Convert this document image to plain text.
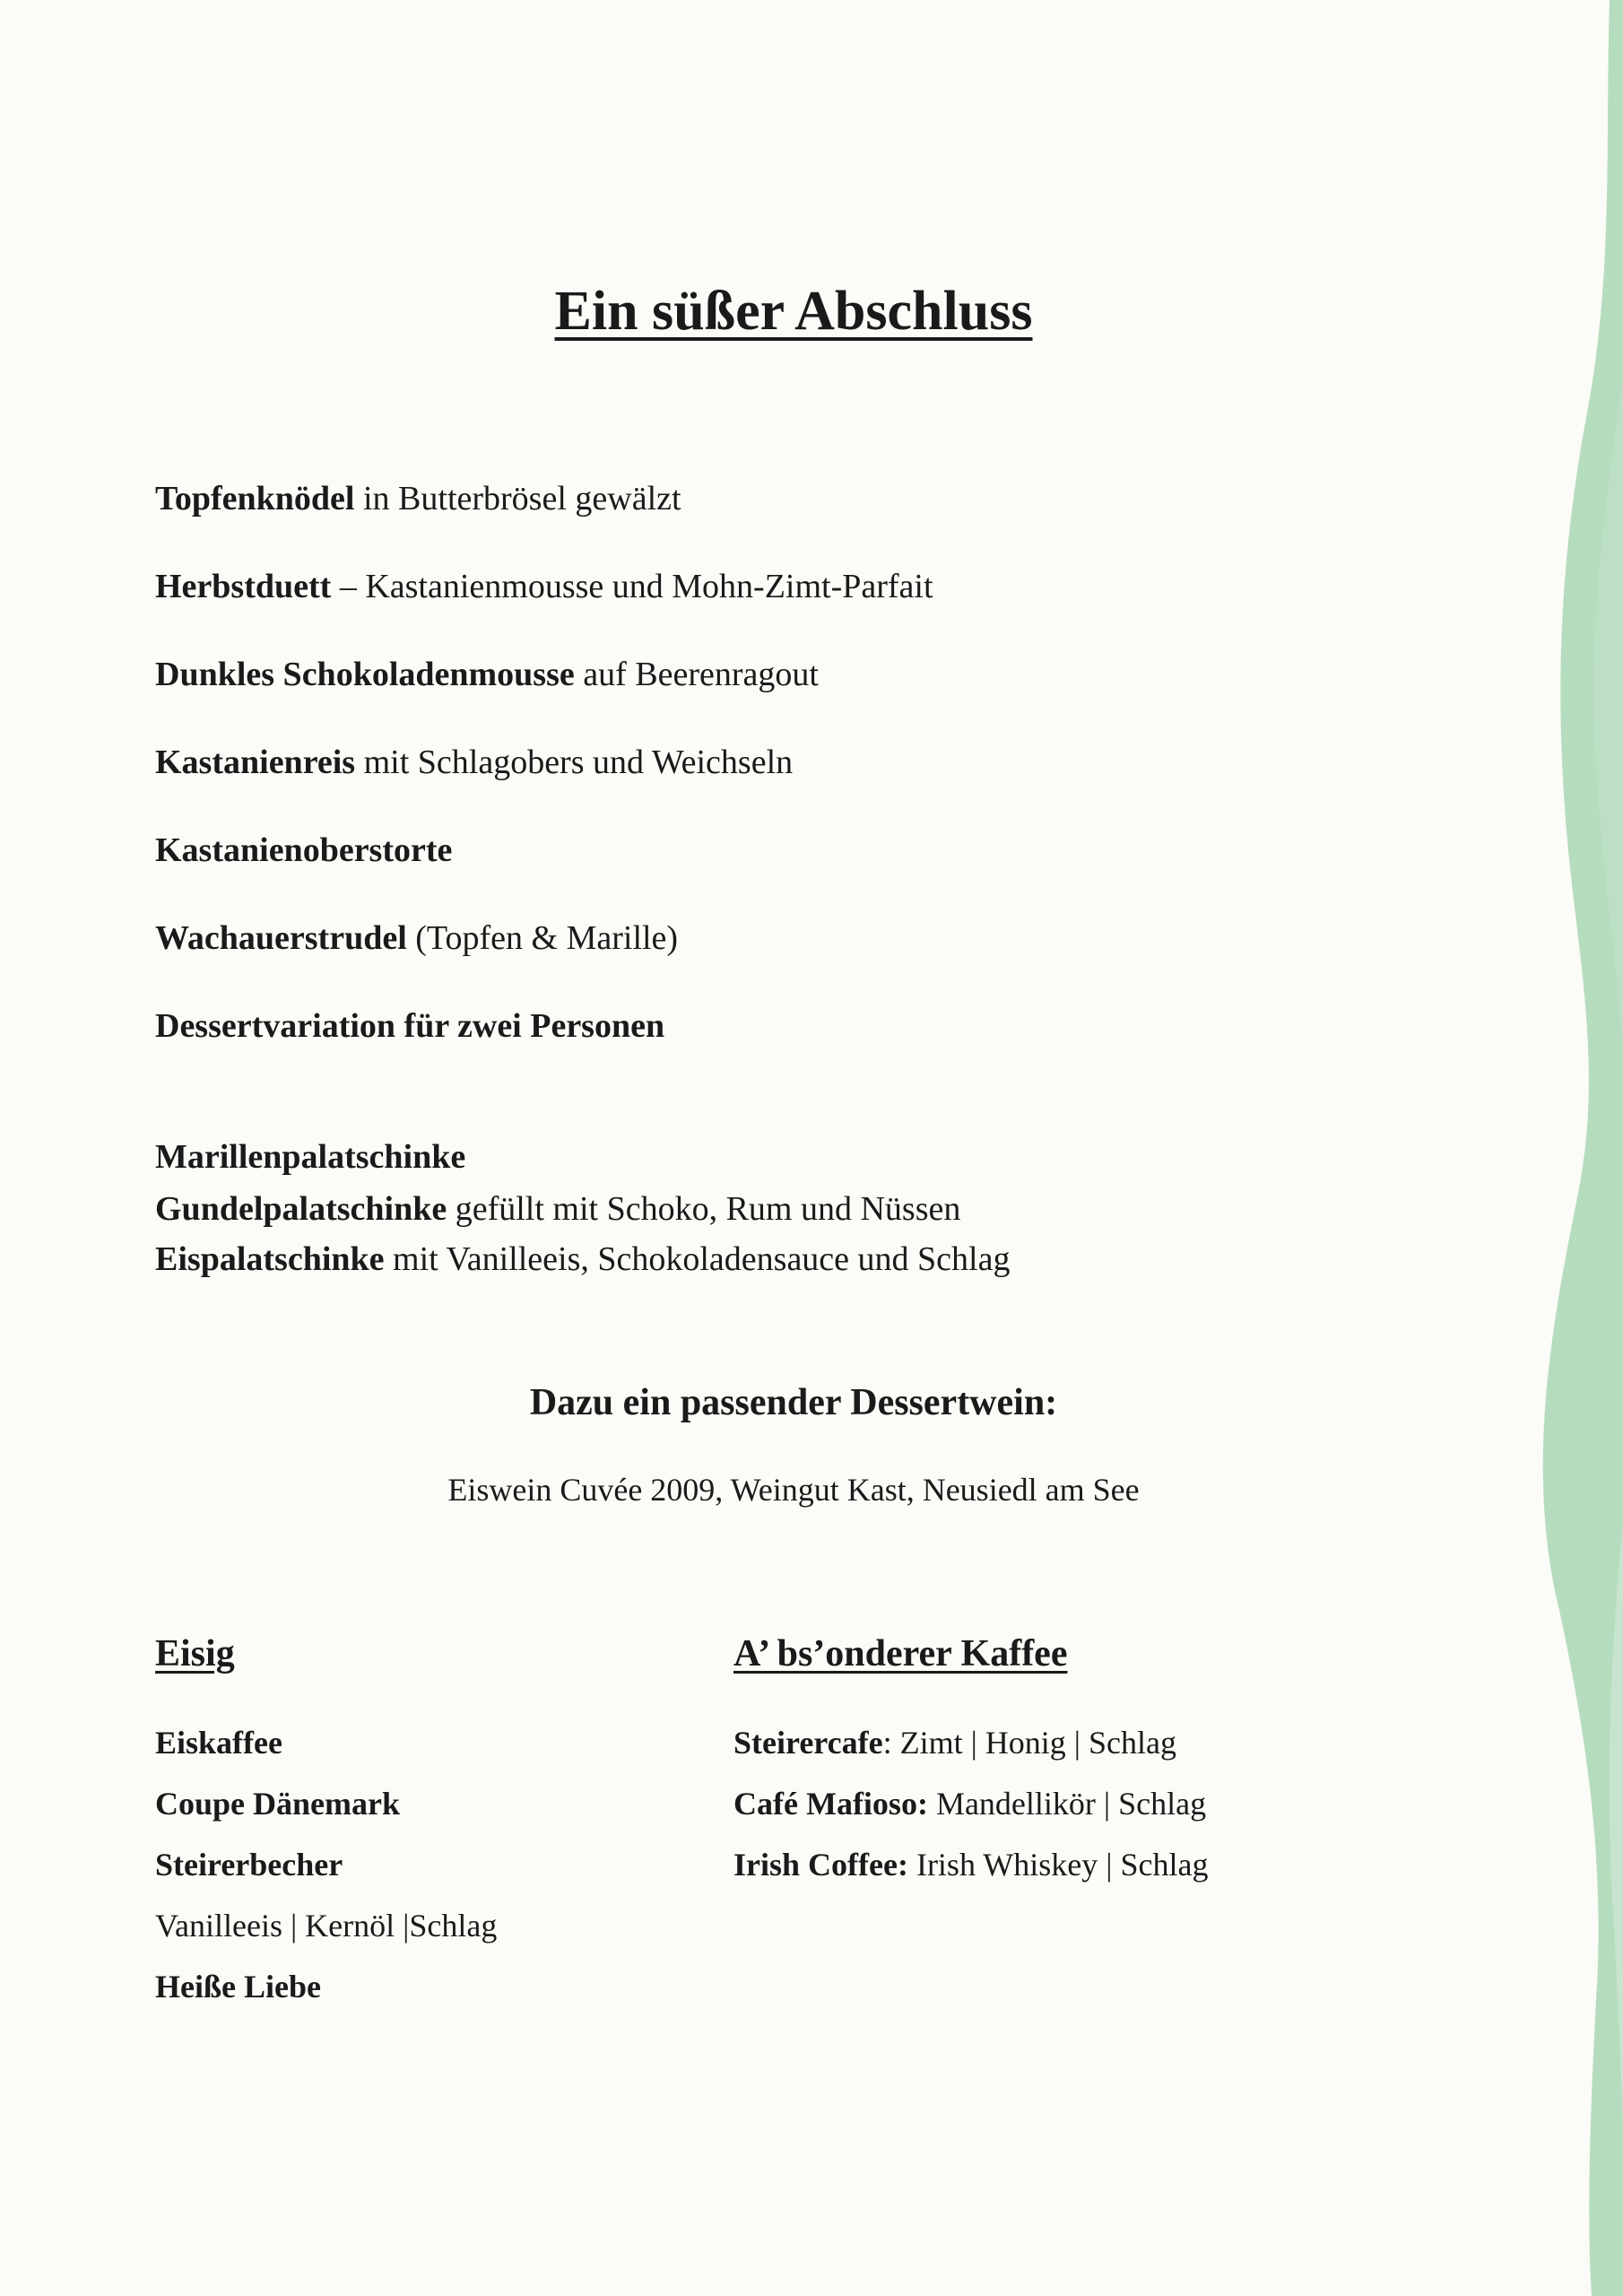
Ein süßer Abschluss
Topfenknödel in Butterbrösel gewälzt
Herbstduett – Kastanienmousse und Mohn-Zimt-Parfait
Dunkles Schokoladenmousse auf Beerenragout
Kastanienreis mit Schlagobers und Weichseln
Kastanienoberstorte
Wachauerstrudel (Topfen & Marille)
Dessertvariation für zwei Personen
Marillenpalatschinke
Gundelpalatschinke gefüllt mit Schoko, Rum und Nüssen
Eispalatschinke mit Vanilleeis, Schokoladensauce und Schlag
Dazu ein passender Dessertwein:
Eiswein Cuvée 2009, Weingut Kast, Neusiedl am See
Eisig	A’ bs’onderer Kaffee
Eiskaffee
Coupe Dänemark
Steirerbecher
Vanilleeis | Kernöl |Schlag
Heiße Liebe
Steirercafe: Zimt | Honig | Schlag
Café Mafioso: Mandellikör | Schlag
Irish Coffee: Irish Whiskey | Schlag
